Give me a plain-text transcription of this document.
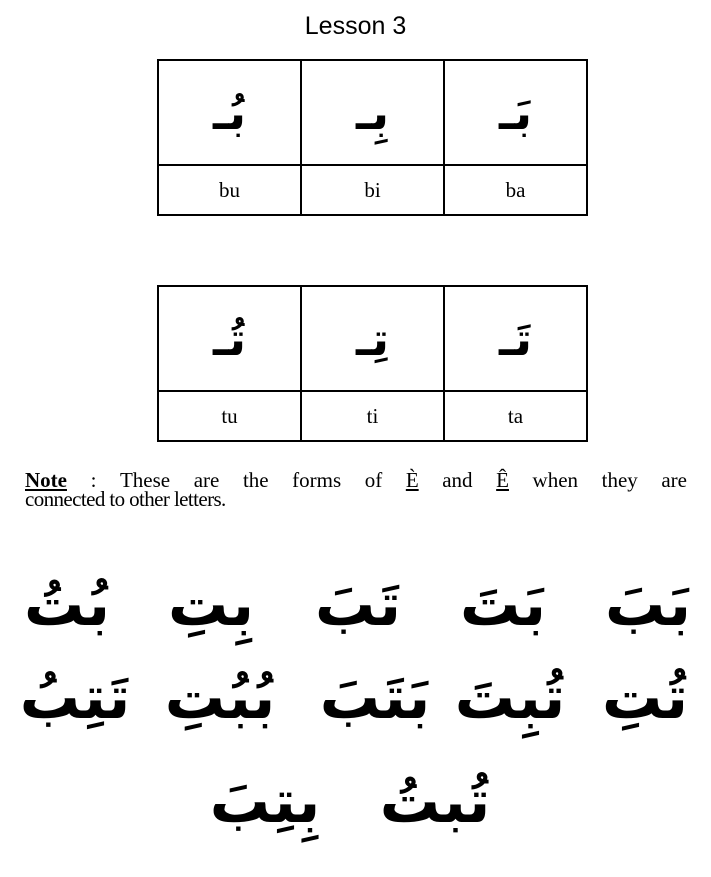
Lesson 3
بُـ	بِـ	بَـ
bu	bi	ba
تُـ	تِـ	تَـ
tu	ti	ta
Note : These are the forms of È and Ê when they are
connected to other letters.
بَبَ
بَتَ
تَبَ
بِتِ
بُتُ
تُتِ
تُبِتَ
بَتَبَ
بُبُتِ
تَتِبُ
تُبتُ
بِتِبَ
